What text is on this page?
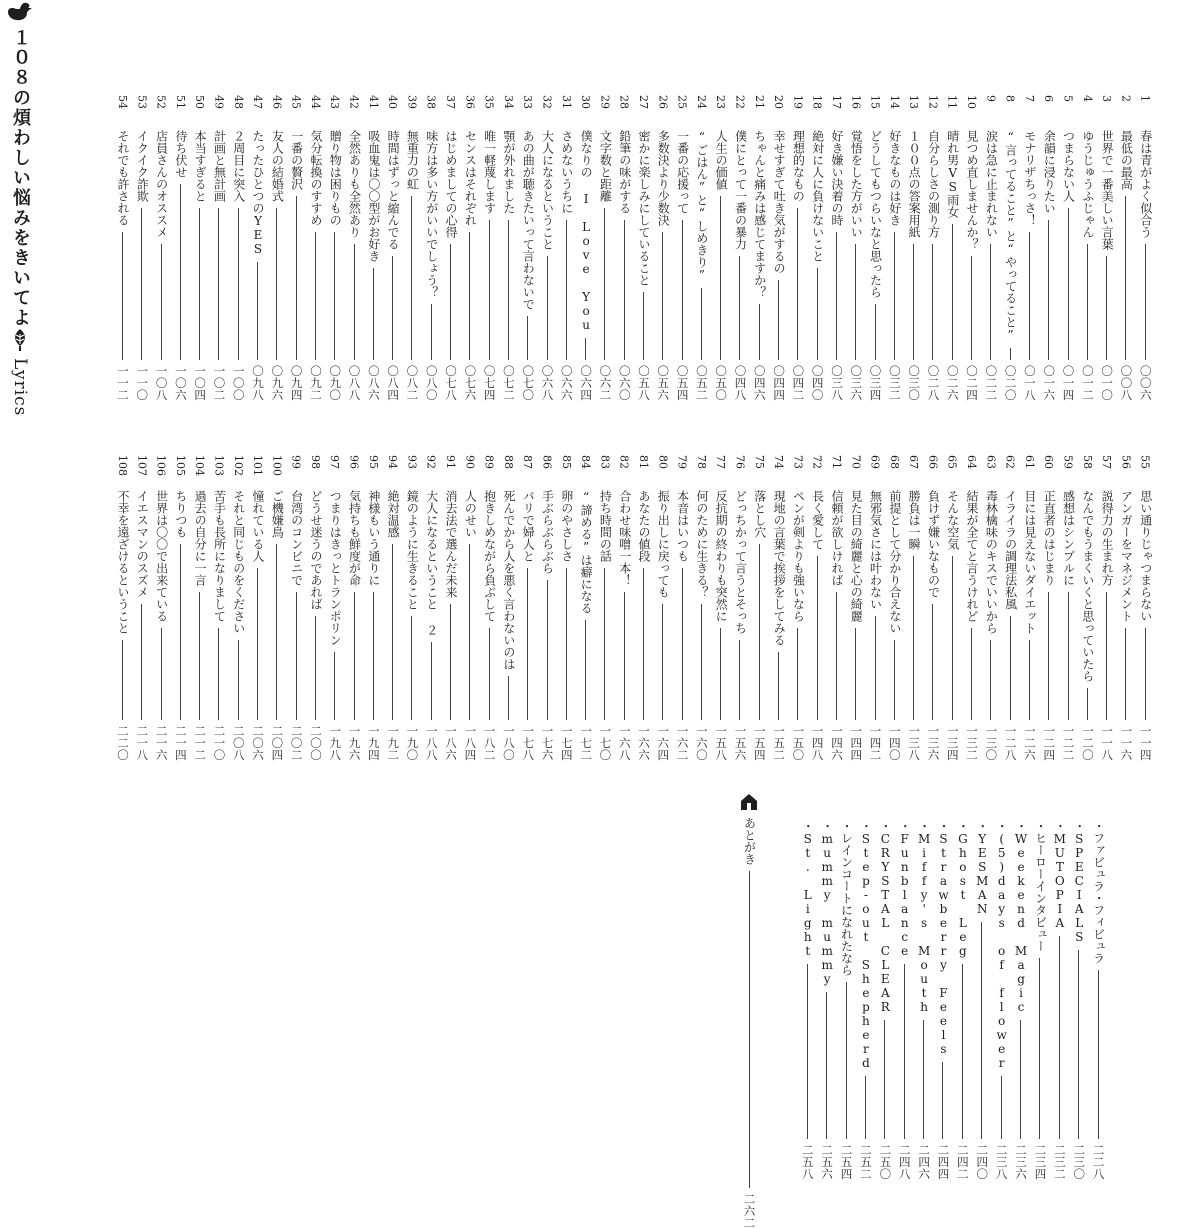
１０８の煩わしい悩みをきいてよ	1
春は青がよく似合う
〇〇六
2
最低の最高
〇〇八
3
世界で一番美しい言葉
〇一〇
4
ゆうじゅうふじゃん
〇一二
5
つまらない人
〇一四
6
余韻に浸りたい
〇一六
7
モナリザちっさ！
〇一八
8
“言ってること”と“やってること”
〇二〇
9
涙は急に止まれない
〇二二
10
見つめ直しませんか？
〇二四
11
晴れ男VS雨女
〇二六
12
自分らしさの測り方
〇二八
13
１００点の答案用紙
〇三〇
14
好きなものは好き
〇三二
15
どうしてもつらいなと思ったら
〇三四
16
覚悟をした方がいい
〇三六
17
好き嫌い決着の時
〇三八
18
絶対に人に負けないこと
〇四〇
19
理想的なもの
〇四二
20
幸せすぎて吐き気がするの
〇四四
21
ちゃんと痛みは感じてますか？
〇四六
22
僕にとって一番の暴力
〇四八
23
人生の価値
〇五〇
24
“ごはん”と“しめきり”
〇五二
25
一番の応援って
〇五四
26
多数決より少数決
〇五六
27
密かに楽しみにしていること
〇五八
28
鉛筆の味がする
〇六〇
29
文字数と距離
〇六二
30
僕なりの I Love You
〇六四
31
さめないうちに
〇六六
32
大人になるということ
〇六八
33
あの曲が聴きたいって言わないで
〇七〇
34
顎が外れました
〇七二
35
唯一軽蔑します
〇七四
36
センスはそれぞれ
〇七六
37
はじめましての心得
〇七八
38
味方は多い方がいいでしょう？
〇八〇
39
無重力の虹
〇八二
40
時間はずっと縮んでる
〇八四
41
吸血鬼は〇〇型がお好き
〇八六
42
全然ありも全然あり
〇八八
43
贈り物は困りもの
〇九〇
44
気分転換のすすめ
〇九二
45
一番の贅沢
〇九四
46
友人の結婚式
〇九六
47
たったひとつのYES
〇九八
48
２周目に突入
一〇〇
49
計画と無計画
一〇二
50
本当すぎると
一〇四
51
待ち伏せ
一〇六
52
店員さんのオススメ
一〇八
53
イクイク詐欺
一一〇
54
それでも許される
一一二
55
思い通りじゃつまらない
一一四
56
アンガーをマネジメント
一一六
57
説得力の生まれ方
一一八
58
なんでもうまくいくと思っていたら
一二〇
59
感想はシンプルに
一二二
60
正直者のはじまり
一二四
61
目には見えないダイエット
一二六
62
イライラの調理法私風
一二八
63
毒林檎味のキスでいいから
一三〇
64
結果が全てと言うけれど
一三二
65
そんな空気
一三四
66
負けず嫌いなもので
一三六
67
勝負は一瞬
一三八
68
前提として分かり合えない
一四〇
69
無邪気さには叶わない
一四二
70
見た目の綺麗と心の綺麗
一四四
71
信頼が欲しければ
一四六
72
長く愛して
一四八
73
ペンが剣よりも強いなら
一五〇
74
現地の言葉で挨拶をしてみる
一五二
75
落とし穴
一五四
76
どっちかって言うとそっち
一五六
77
反抗期の終わりも突然に
一五八
78
何のために生きる？
一六〇
79
本音はいつも
一六二
80
振り出しに戻っても
一六四
81
あなたの値段
一六六
82
合わせ味噌一本！
一六八
83
持ち時間の話
一七〇
84
“諦める”は癖になる
一七二
85
卵のやさしさ
一七四
86
手ぶらぶらぶら
一七六
87
パリで婦人と
一七八
88
死んでから人を悪く言わないのは
一八〇
89
抱きしめながら負ぶして
一八二
90
人のせい
一八四
91
消去法で選んだ未来
一八六
92
大人になるということ ２
一八八
93
鏡のように生きること
一九〇
94
絶対温感
一九二
95
神様もいう通りに
一九四
96
気持ちも鮮度が命
一九六
97
つまりはきっとトランポリン
一九八
98
どうせ迷うのであれば
二〇〇
99
台湾のコンビニで
二〇二
100
ご機嫌鳥
二〇四
101
憧れている人
二〇六
102
それと同じものをください
二〇八
103
苦手も長所になりまして
二一〇
104
過去の自分に一言
二一二
105
ちりつも
二一四
106
世界は〇〇で出来ている
二一六
107
イエスマンのスズメ
二一八
108
不幸を遠ざけるということ
二二〇
Lyrics
・ファビュラ・フィビュラ
二二八
・SPECIALS
二三〇
・MUTOPIA
二三二
・ヒーローインタビュー
二三四
・Weekend Magic
二三六
・(5)days of flower
二三八
・YESMAN
二四〇
・Ghost Leg
二四二
・Strawberry Feels
二四四
・Miffy's Mouth
二四六
・Funblance
二四八
・CRYSTAL CLEAR
二五〇
・Step-out Shepherd
二五二
・レインコートになれたなら
二五四
・mummy mummy
二五六
・St. Light
二五八
あとがき
二六二
